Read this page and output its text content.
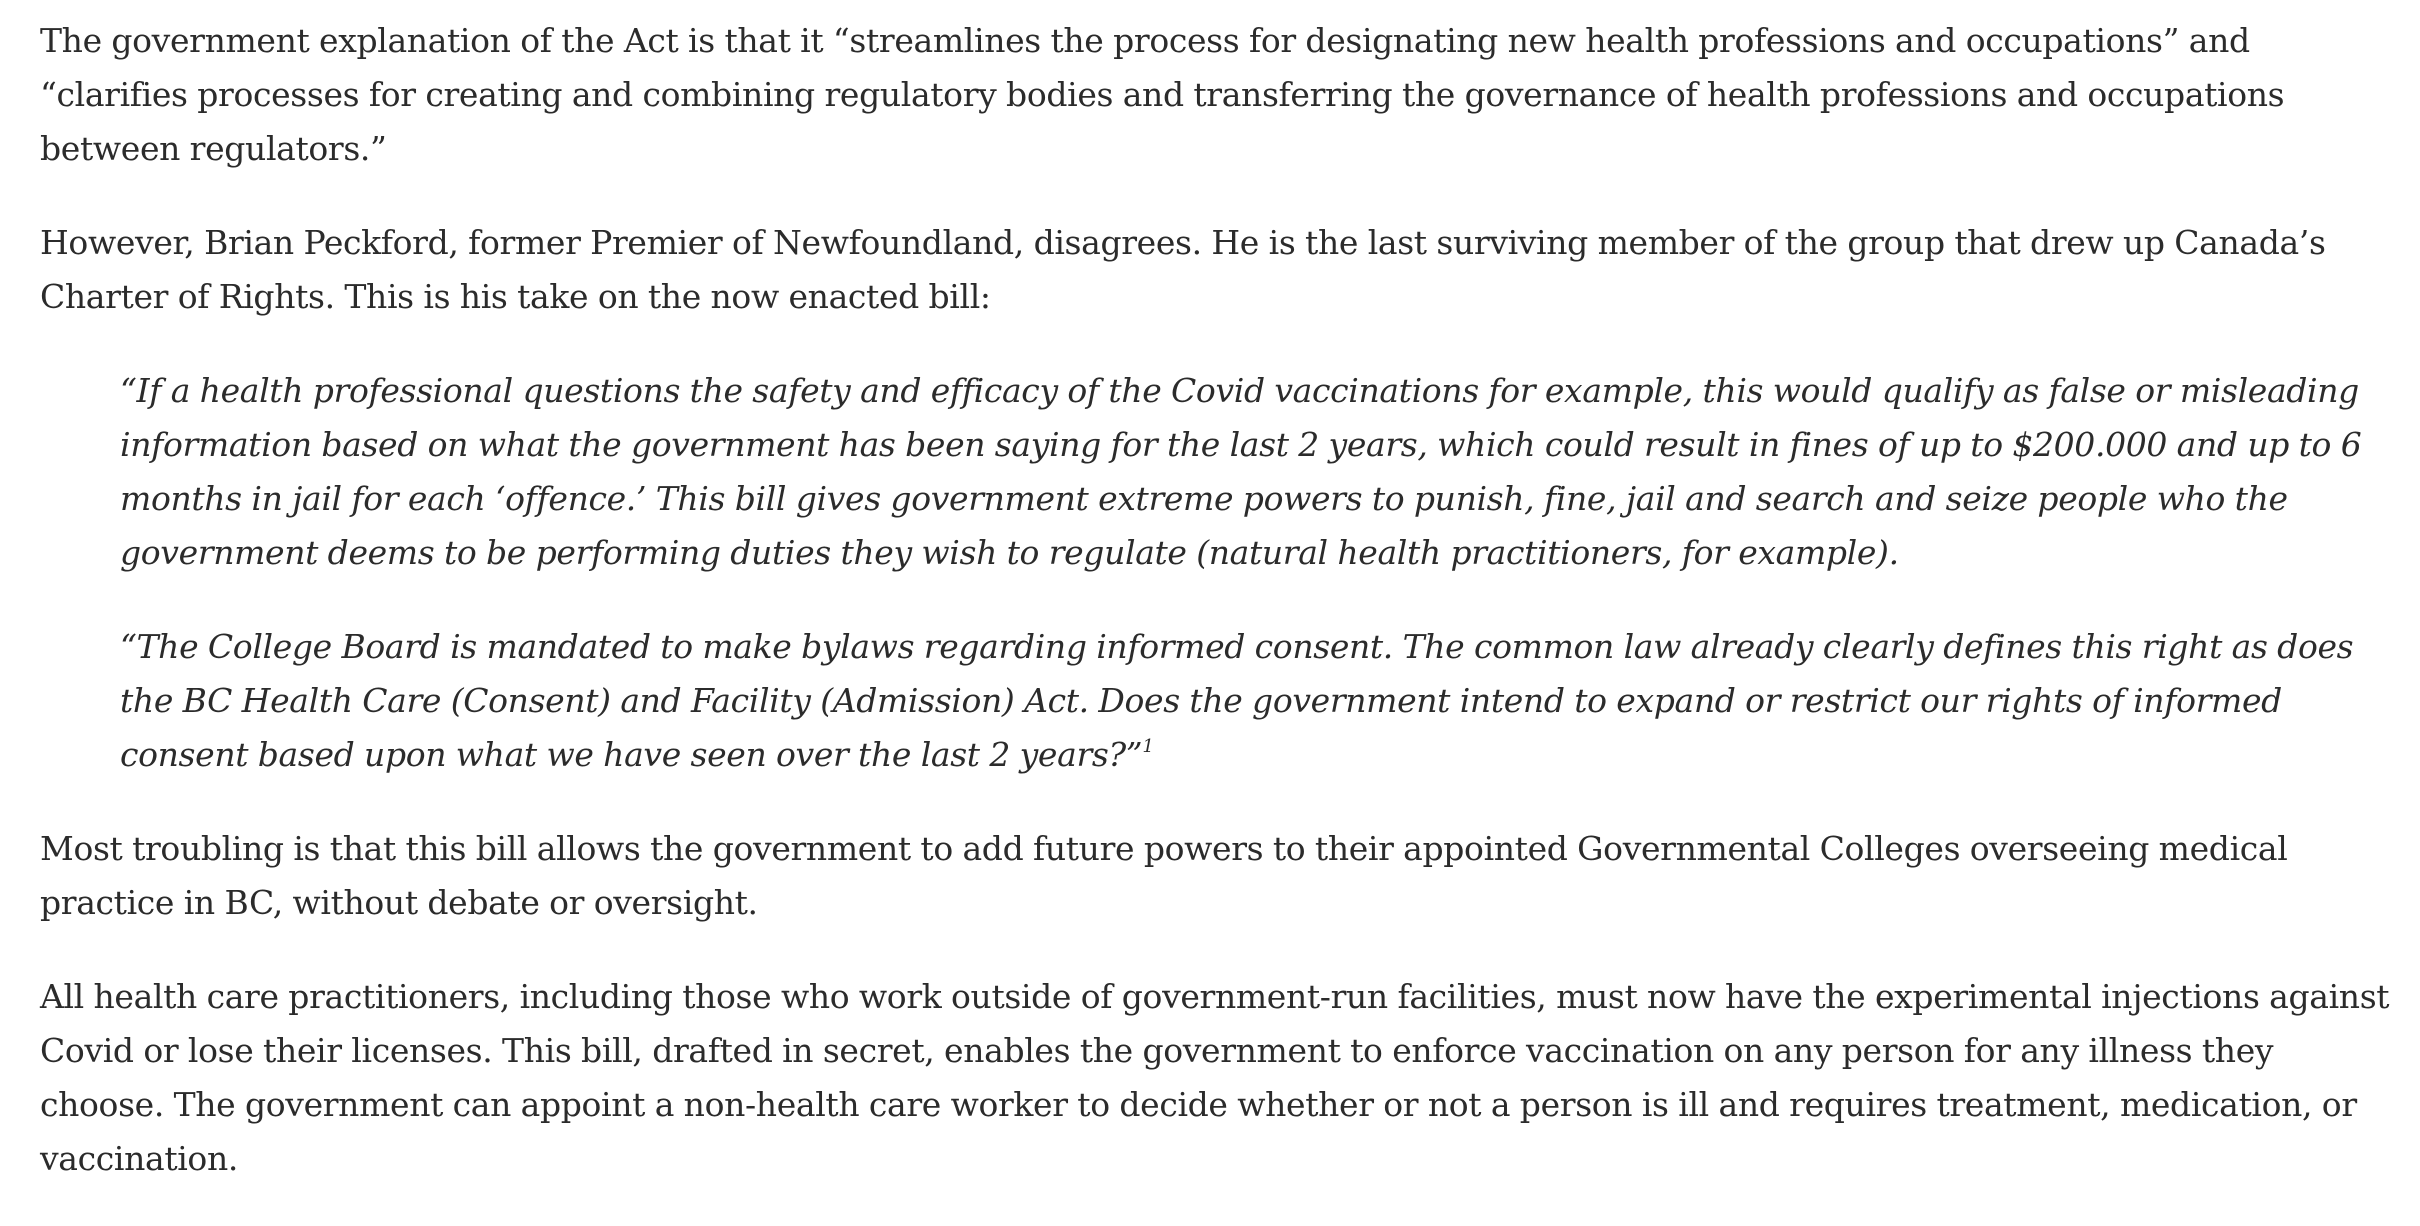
The government explanation of the Act is that it “streamlines the process for designating new health professions and occupations” and “clarifies processes for creating and combining regulatory bodies and transferring the governance of health professions and occupations between regulators.”

However, Brian Peckford, former Premier of Newfoundland, disagrees. He is the last surviving member of the group that drew up Canada’s Charter of Rights. This is his take on the now enacted bill:

“If a health professional questions the safety and efficacy of the Covid vaccinations for example, this would qualify as false or misleading information based on what the government has been saying for the last 2 years, which could result in fines of up to $200.000 and up to 6 months in jail for each ‘offence.’ This bill gives government extreme powers to punish, fine, jail and search and seize people who the government deems to be performing duties they wish to regulate (natural health practitioners, for example).

“The College Board is mandated to make bylaws regarding informed consent. The common law already clearly defines this right as does the BC Health Care (Consent) and Facility (Admission) Act. Does the government intend to expand or restrict our rights of informed consent based upon what we have seen over the last 2 years?”$^1$

Most troubling is that this bill allows the government to add future powers to their appointed Governmental Colleges overseeing medical practice in BC, without debate or oversight.

All health care practitioners, including those who work outside of government-run facilities, must now have the experimental injections against Covid or lose their licenses. This bill, drafted in secret, enables the government to enforce vaccination on any person for any illness they choose. The government can appoint a non-health care worker to decide whether or not a person is ill and requires treatment, medication, or vaccination.
